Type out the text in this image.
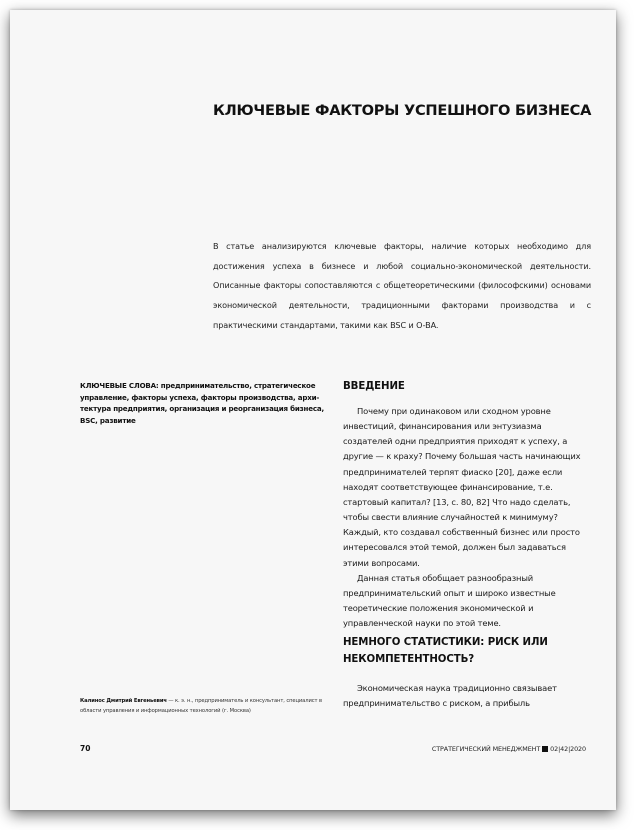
КЛЮЧЕВЫЕ ФАКТОРЫ УСПЕШНОГО БИЗНЕСА
В статье анализируются ключевые факторы, наличие которых необходимо для достижения успеха в бизнесе и любой социально-экономической деятельности. Описанные факторы сопоставляются с общетеоретическими (философскими) основами экономической деятельности, традиционными факторами производства и с практическими стандартами, такими как BSC и O-BA.
КЛЮЧЕВЫЕ СЛОВА: предпринимательство, стратегическое управление, факторы успеха, факторы производства, архи-тектура предприятия, организация и реорганизация бизнеса, BSC, развитие
ВВЕДЕНИЕ

Почему при одинаковом или сходном уровне инвестиций, финансирования или энтузиазма создателей одни предприятия приходят к успеху, а другие — к краху? Почему большая часть начинающих предпринимателей терпят фиаско [20], даже если находят соответствующее финансирование, т.е. стартовый капитал? [13, с. 80, 82] Что надо сделать, чтобы свести влияние случайностей к минимуму? Каждый, кто создавал собственный бизнес или просто интересовался этой темой, должен был задаваться этими вопросами.

Данная статья обобщает разнообразный предпринимательский опыт и широко известные теоретические положения экономической и управленческой науки по этой теме.

НЕМНОГО СТАТИСТИКИ: РИСК ИЛИ НЕКОМПЕТЕНТНОСТЬ?

Экономическая наука традиционно связывает предпринимательство с риском, а прибыль

Калинос Дмитрий Евгеньевич — к. э. н., предприниматель и консультант, специалист в области управления и информационных технологий (г. Москва)
70	СТРАТЕГИЧЕСКИЙ МЕНЕДЖМЕНТ 02|42|2020
